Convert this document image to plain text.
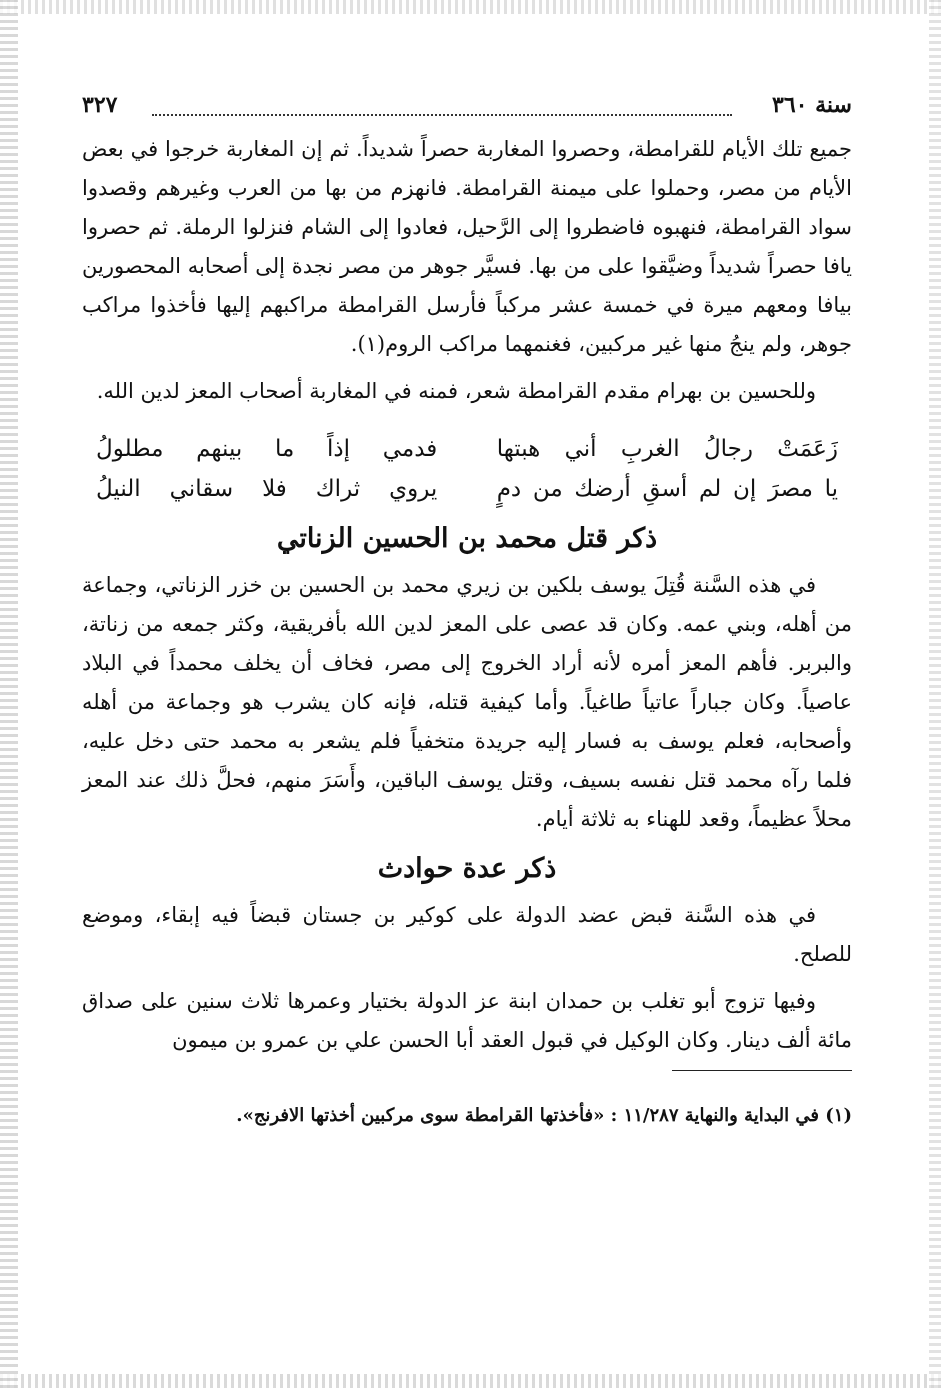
سنة ٣٦٠
٣٢٧

جميع تلك الأيام للقرامطة، وحصروا المغاربة حصراً شديداً. ثم إن المغاربة خرجوا في بعض الأيام من مصر، وحملوا على ميمنة القرامطة. فانهزم من بها من العرب وغيرهم وقصدوا سواد القرامطة، فنهبوه فاضطروا إلى الرَّحيل، فعادوا إلى الشام فنزلوا الرملة. ثم حصروا يافا حصراً شديداً وضيَّقوا على من بها. فسيَّر جوهر من مصر نجدة إلى أصحابه المحصورين بيافا ومعهم ميرة في خمسة عشر مركباً فأرسل القرامطة مراكبهم إليها فأخذوا مراكب جوهر، ولم ينجُ منها غير مركبين، فغنمهما مراكب الروم(١).

وللحسين بن بهرام مقدم القرامطة شعر، فمنه في المغاربة أصحاب المعز لدين الله.

زَعَمَتْ رجالُ الغربِ أني هبتها
فدمي إذاً ما بينهم مطلولُ
يا مصرَ إن لم أسقِ أرضك من دمٍ
يروي ثراك فلا سقاني النيلُ
ذكر قتل محمد بن الحسين الزناتي

في هذه السَّنة قُتِلَ يوسف بلكين بن زيري محمد بن الحسين بن خزر الزناتي، وجماعة من أهله، وبني عمه. وكان قد عصى على المعز لدين الله بأفريقية، وكثر جمعه من زناتة، والبربر. فأهم المعز أمره لأنه أراد الخروج إلى مصر، فخاف أن يخلف محمداً في البلاد عاصياً. وكان جباراً عاتياً طاغياً. وأما كيفية قتله، فإنه كان يشرب هو وجماعة من أهله وأصحابه، فعلم يوسف به فسار إليه جريدة متخفياً فلم يشعر به محمد حتى دخل عليه، فلما رآه محمد قتل نفسه بسيف، وقتل يوسف الباقين، وأَسَرَ منهم، فحلَّ ذلك عند المعز محلاً عظيماً، وقعد للهناء به ثلاثة أيام.

ذكر عدة حوادث

في هذه السَّنة قبض عضد الدولة على كوكير بن جستان قبضاً فيه إبقاء، وموضع للصلح.

وفيها تزوج أبو تغلب بن حمدان ابنة عز الدولة بختيار وعمرها ثلاث سنين على صداق مائة ألف دينار. وكان الوكيل في قبول العقد أبا الحسن علي بن عمرو بن ميمون

(١) في البداية والنهاية ١١/٢٨٧ : «فأخذتها القرامطة سوى مركبين أخذتها الافرنج».
